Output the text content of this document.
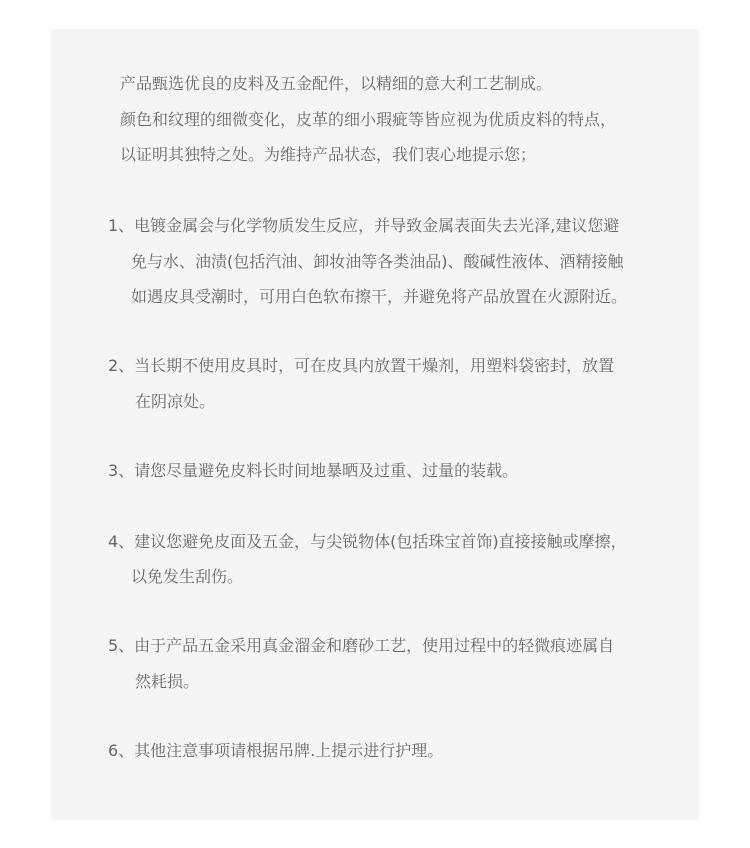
产品甄选优良的皮料及五金配件，以精细的意大利工艺制成。
颜色和纹理的细微变化，皮革的细小瑕疵等皆应视为优质皮料的特点，
以证明其独特之处。为维持产品状态，我们衷心地提示您；
1、电镀金属会与化学物质发生反应，并导致金属表面失去光泽,建议您避
免与水、油渍(包括汽油、卸妆油等各类油品)、酸碱性液体、酒精接触
如遇皮具受潮时，可用白色软布擦干，并避免将产品放置在火源附近。
2、当长期不使用皮具时，可在皮具内放置干燥剂，用塑料袋密封，放置
在阴凉处。
3、请您尽量避免皮料长时间地暴晒及过重、过量的装载。
4、建议您避免皮面及五金，与尖锐物体(包括珠宝首饰)直接接触或摩擦，
以免发生刮伤。
5、由于产品五金采用真金溜金和磨砂工艺，使用过程中的轻微痕迹属自
然耗损。
6、其他注意事项请根据吊牌.上提示进行护理。
